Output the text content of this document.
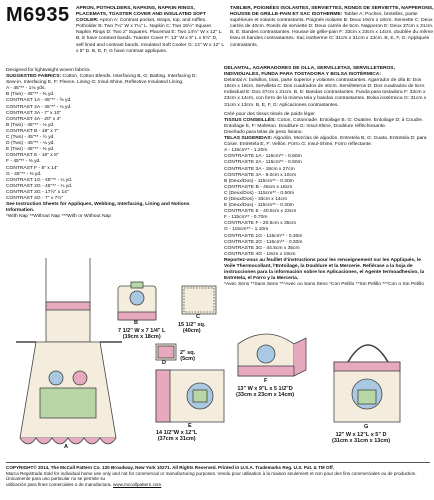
M6935 APRON, POTHOLDERS, NAPKINS, NAPKIN RINGS, PLACEMATS, TOASTER COVER AND INSULATED SOFT COOLER: Apron A: Contrast pocket, straps, top, and ruffles. Potholder B: Two 7¼" W x 7¼" L. Napkin C: Two 15½" Square. Napkin Rings D: Two 2" Squares. Placemat E: Two 14½" W x 12" L. B, E have contrast bands. Toaster Cover F: 13" W x 9" L x 5½" D, self lined and contrast bands. Insulated Soft Cooler G: 12" W x 12" L x 5" D. B, E, F, G have contrast appliques.
TABLIER, POIGNÉES ISOLANTES, SERVIETTES, RONDS DE SERVIETTE, NAPPERONS, HOUSSE DE GRILLE-PAIN ET SAC ISOTHERME: Tablier A: Poches, bretelles, partie supérieure et volants contrastants. Poignée isolante B: Deux 19cm x 18cm. Serviette C: Deux carrés de 40cm. Ronds de serviette D: Deux carrés de 5cm. Napperon E: Deux 37cm x 31cm. B, E: Bandes contrastantes. Housse de grille-pain F: 33cm x 23cm x 14cm, doublée du même tissu et bandes contrastantes. Sac isotherme G: 31cm x 31cm x 13cm. B, E, F, G: Appliqués contrastants.
Designed for lightweight woven fabrics.
SUGGESTED FABRICS: Cotton, Cotton Blends. Interfacing B, G: Batting. Interfacing D: Sew-in. Interfacing E, F: Fleece. Lining G: Insul-Shine, Reflective Insulated Lining.
A - 45"** - 1⅛ yds.
B (Two) - 45"** - ⅜ yd.
CONTRAST 1A - 45"** - ⅝ yd.
CONTRAST 2A - 45"** - ⅛ yd.
CONTRAST 3A - 7" x 10"
CONTRAST 4A - 20" x 4"
B (Two) - 45"** - ⅛ yd.
CONTRAST B - 18" x 7"
C (Two) - 45"** - ½ yd.
D (Two) - 45"** - ⅛ yd.
E (Two) - 45"** - ⅜ yd.
CONTRAST E - 16" x 8"
F - 45"** - ⅜ yd.
CONTRAST F - 8" x 14"
G - 45"** - ⅜ yd.
CONTRAST 1G - 45"** - ¼ yd.
CONTRAST 2G - 45"** - ¼ yd.
CONTRAST 3G - 17½" x 14"
CONTRAST 4G - 7" x 7½"
See Instruction Sheets for Appliques, Webbing, Interfacing, Lining and Notions Information.
*With Nap **Without Nap ***With or Without Nap
DELANTAL, AGARRADORES DE OLLA, SERVILLETAS, SERVILLETEROS, INDIVIDUALES, FUNDA PARA TOSTADORA Y BOLSA ISOTÉRMICA:
Delantal A: bolsillos, tiras, parte superior y volantes contrastantes. Agarrador de olla B: Dos 19cm x 18cm. Servilleta C: Dos cuadrados de 40cm. Servilleteros D: Dos cuadrados de 5cm. Individual E: Dos 37cm x 31cm. B, E: Bandas contrastantes. Funda para tostadora F: 33cm x 23cm x 14cm, con forro de la misma tela y bandas contrastantes. Bolsa isotérmica G: 31cm x 31cm x 13cm. B, E, F, G: Aplicaciones contrastantes.
Créé pour des tissus tissés de poids léger.
TISSUS CONSEILLÉS: Coton, Cotonnade. Entoilage B, G: Ouatine. Entoilage D: à Coudre. Entoilage E, F: Molleton. Doublure G: Insul-Shine, Doublure réfléchissante.
Diseñado para telas de peso liviano.
TELAS SUGERIDAS: Algodón, Mezclas de algodón. Entretela B, G: Guata. Entretela D: para Coser. Entretela E, F: Vellón. Forro G: Insul-Shine, Forro reflectante.
A - 115cm** - 1.20m
CONTRASTE 1A - 115cm** - 0.60m
CONTRASTE 2A - 115cm** - 0.50m
CONTRASTE 3A - 18cm x 27cm
CONTRASTE 4A - 8.0cm x 10cm
B (Deux/Dos) - 115cm** - 0.30m
CONTRASTE B - 46cm x 18cm
C (Deux/Dos) - 115cm** - 0.50m
D (Deux/Dos) - 33cm x 14cm
E (Deux/Dos) - 115cm** - 0.30m
CONTRASTE E - 40.5cm x 23cm
F - 115cm** - 0.70m
CONTRASTE F - 20.5cm x 35cm
G - 115cm** - 1.10m
CONTRASTE 1G - 115cm** - 0.30m
CONTRASTE 2G - 115cm** - 0.30m
CONTRASTE 3G - 44.5cm x 35cm
CONTRASTE 4G - 18cm x 19cm
Reportez-vous au feuillet d'instructions pour les renseignement sur les Appliqués, le Voile Thermocollant, l'Entoilage, la Doublure et la Mercerie. Refiérase a la hoja de instrucciones para la información sobre los Aplicaciones, el Agente termoadhesivo, la Entretela, el Forro y la Mercería.
*Avec Sens **Sans Sens ***Avec ou Sans Sens *Con Pelillo **Sin Pelillo ***Con o Sin Pelillo
A
B
7 1/2" W x 7 1/4" L
(19cm x 18cm)
C
15 1/2" sq.
(40cm)
D
2" sq.
(5cm)
E
14 1/2"W x 12"L
(37cm x 31cm)
F
13" W x 9"L x 5 1/2"D
(33cm x 23cm x 14cm)
G
12" W x 12"L x 5" D
(31cm x 31cm x 13cm)
COPYRIGHT© 2014, The McCall Pattern Co. 120 Broadway, New York 10271. All Rights Reserved. Printed in U.S.A. Trademarks Reg. U.S. Pat. & TM Off.
Marca Registrada Sold for individual home use only and not for commercial or manufacturing purposes. Vendu pour utilisation à la maison seulement et non pour des fins commerciales ou de production. Únicamente para uso particular no se permite su
utilización para fines comerciales o de manufactura. www.mccallpattern.com
